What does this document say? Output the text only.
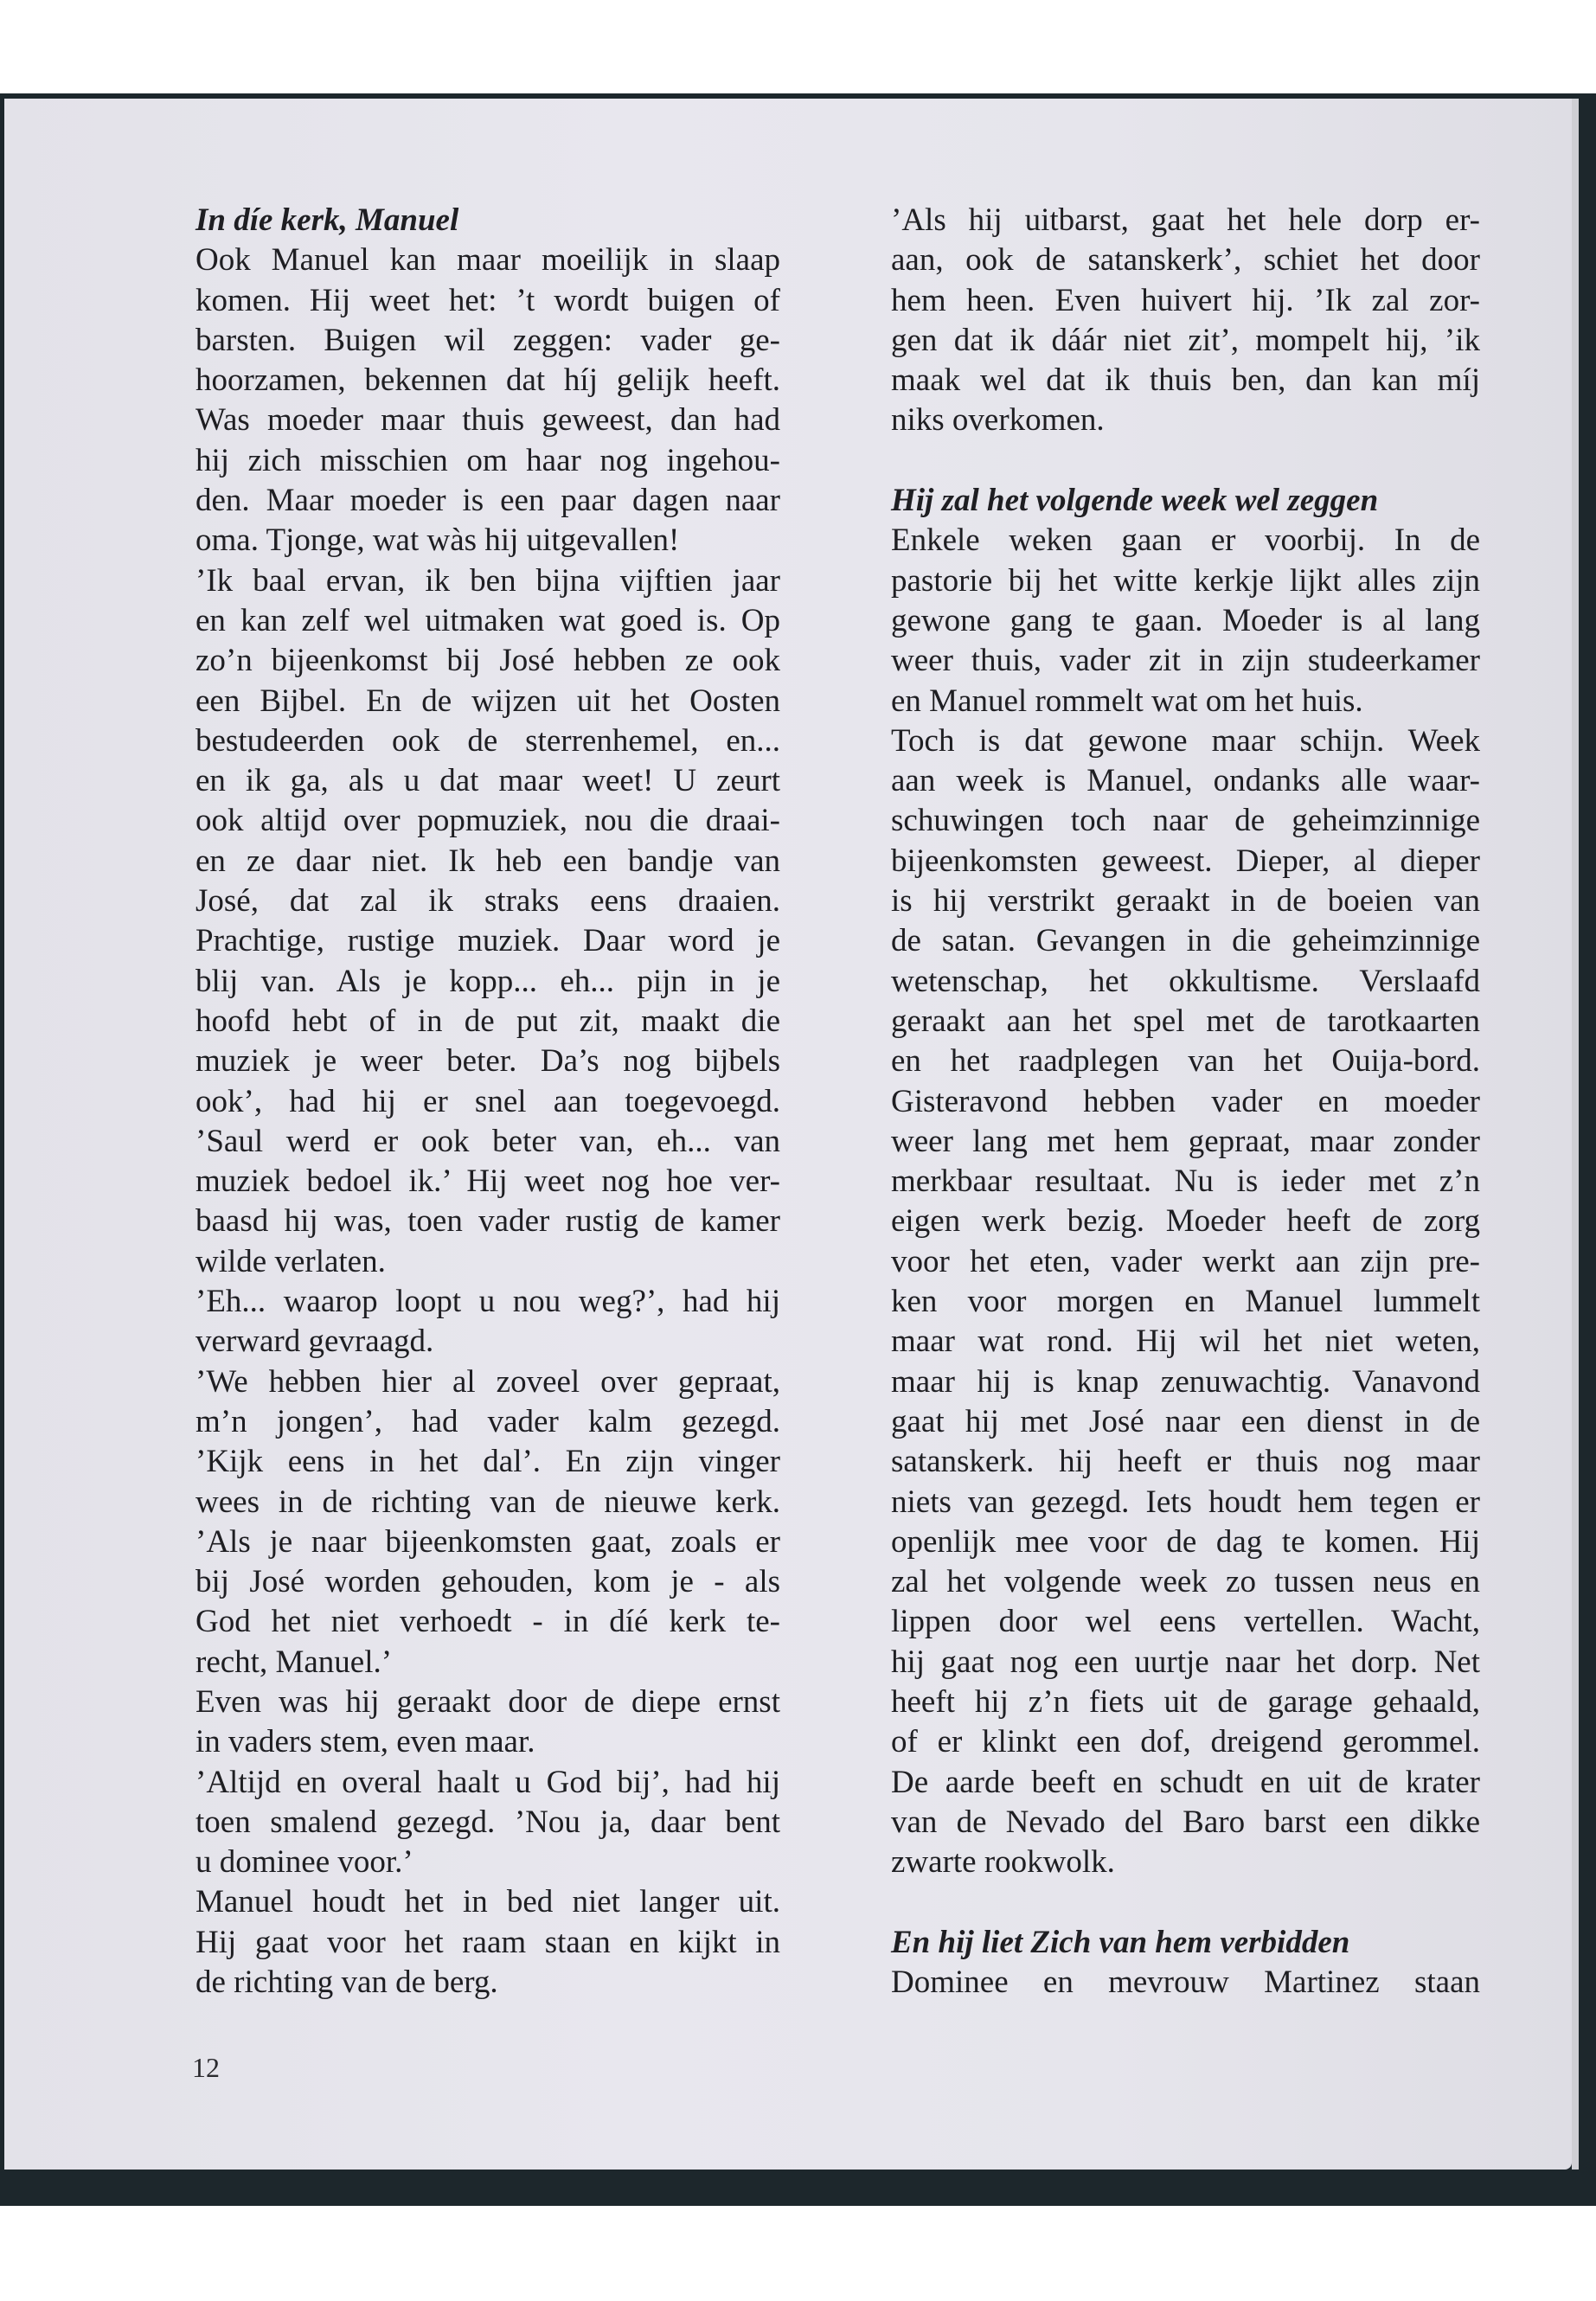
In díe kerk, Manuel
Ook Manuel kan maar moeilijk in slaap
komen. Hij weet het: ’t wordt buigen of
barsten. Buigen wil zeggen: vader ge-
hoorzamen, bekennen dat híj gelijk heeft.
Was moeder maar thuis geweest, dan had
hij zich misschien om haar nog ingehou-
den. Maar moeder is een paar dagen naar
oma. Tjonge, wat wàs hij uitgevallen!
’Ik baal ervan, ik ben bijna vijftien jaar
en kan zelf wel uitmaken wat goed is. Op
zo’n bijeenkomst bij José hebben ze ook
een Bijbel. En de wijzen uit het Oosten
bestudeerden ook de sterrenhemel, en...
en ik ga, als u dat maar weet! U zeurt
ook altijd over popmuziek, nou die draai-
en ze daar niet. Ik heb een bandje van
José, dat zal ik straks eens draaien.
Prachtige, rustige muziek. Daar word je
blij van. Als je kopp... eh... pijn in je
hoofd hebt of in de put zit, maakt die
muziek je weer beter. Da’s nog bijbels
ook’, had hij er snel aan toegevoegd.
’Saul werd er ook beter van, eh... van
muziek bedoel ik.’ Hij weet nog hoe ver-
baasd hij was, toen vader rustig de kamer
wilde verlaten.
’Eh... waarop loopt u nou weg?’, had hij
verward gevraagd.
’We hebben hier al zoveel over gepraat,
m’n jongen’, had vader kalm gezegd.
’Kijk eens in het dal’. En zijn vinger
wees in de richting van de nieuwe kerk.
’Als je naar bijeenkomsten gaat, zoals er
bij José worden gehouden, kom je - als
God het niet verhoedt - in díé kerk te-
recht, Manuel.’
Even was hij geraakt door de diepe ernst
in vaders stem, even maar.
’Altijd en overal haalt u God bij’, had hij
toen smalend gezegd. ’Nou ja, daar bent
u dominee voor.’
Manuel houdt het in bed niet langer uit.
Hij gaat voor het raam staan en kijkt in
de richting van de berg.
’Als hij uitbarst, gaat het hele dorp er-
aan, ook de satanskerk’, schiet het door
hem heen. Even huivert hij. ’Ik zal zor-
gen dat ik dáár niet zit’, mompelt hij, ’ik
maak wel dat ik thuis ben, dan kan míj
niks overkomen.
Hij zal het volgende week wel zeggen
Enkele weken gaan er voorbij. In de
pastorie bij het witte kerkje lijkt alles zijn
gewone gang te gaan. Moeder is al lang
weer thuis, vader zit in zijn studeerkamer
en Manuel rommelt wat om het huis.
Toch is dat gewone maar schijn. Week
aan week is Manuel, ondanks alle waar-
schuwingen toch naar de geheimzinnige
bijeenkomsten geweest. Dieper, al dieper
is hij verstrikt geraakt in de boeien van
de satan. Gevangen in die geheimzinnige
wetenschap, het okkultisme. Verslaafd
geraakt aan het spel met de tarotkaarten
en het raadplegen van het Ouija-bord.
Gisteravond hebben vader en moeder
weer lang met hem gepraat, maar zonder
merkbaar resultaat. Nu is ieder met z’n
eigen werk bezig. Moeder heeft de zorg
voor het eten, vader werkt aan zijn pre-
ken voor morgen en Manuel lummelt
maar wat rond. Hij wil het niet weten,
maar hij is knap zenuwachtig. Vanavond
gaat hij met José naar een dienst in de
satanskerk. hij heeft er thuis nog maar
niets van gezegd. Iets houdt hem tegen er
openlijk mee voor de dag te komen. Hij
zal het volgende week zo tussen neus en
lippen door wel eens vertellen. Wacht,
hij gaat nog een uurtje naar het dorp. Net
heeft hij z’n fiets uit de garage gehaald,
of er klinkt een dof, dreigend gerommel.
De aarde beeft en schudt en uit de krater
van de Nevado del Baro barst een dikke
zwarte rookwolk.
En hij liet Zich van hem verbidden
Dominee en mevrouw Martinez staan
12
